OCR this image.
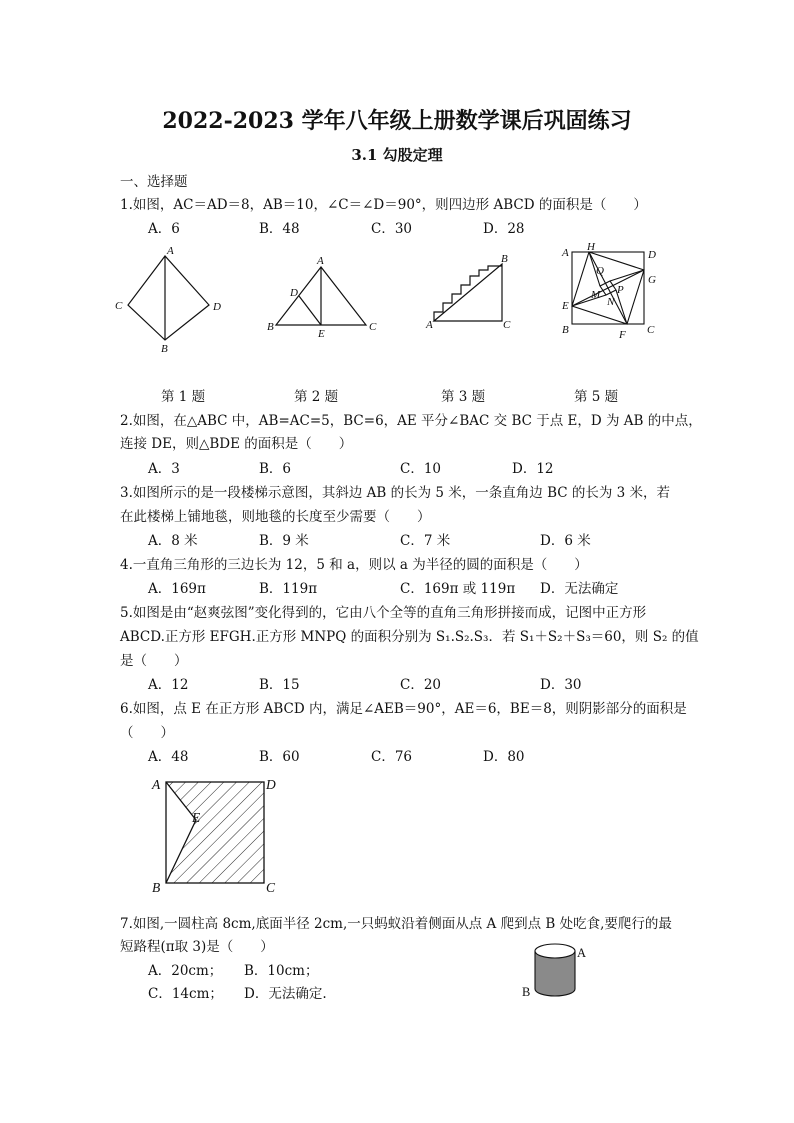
2022-2023 学年八年级上册数学课后巩固练习
3.1 勾股定理
一、选择题
1.如图，AC＝AD＝8，AB＝10，∠C＝∠D＝90°，则四边形 ABCD 的面积是（　　）
A．6	B．48	C．30	D．28
A
B
C	D
A
B	C
D
E
A
B
C
A
B	C
D
E
F
G
H
M
N
P
Q
第 1 题	第 2 题	第 3 题	第 5 题
2.如图，在△ABC 中，AB=AC=5，BC=6，AE 平分∠BAC 交 BC 于点 E，D 为 AB 的中点，
连接 DE，则△BDE 的面积是（　　）
A．3	B．6	C．10	D．12
3.如图所示的是一段楼梯示意图，其斜边 AB 的长为 5 米，一条直角边 BC 的长为 3 米，若
在此楼梯上铺地毯，则地毯的长度至少需要（　　）
A．8 米	B．9 米	C．7 米	D．6 米
4.一直角三角形的三边长为 12，5 和 a，则以 a 为半径的圆的面积是（　　）
A．169π	B．119π	C．169π 或 119π D．无法确定
5.如图是由“赵爽弦图”变化得到的，它由八个全等的直角三角形拼接而成，记图中正方形
ABCD.正方形 EFGH.正方形 MNPQ 的面积分别为 S₁.S₂.S₃．若 S₁＋S₂＋S₃＝60，则 S₂ 的值
是（　　）
A．12	B．15	C．20	D．30
6.如图，点 E 在正方形 ABCD 内，满足∠AEB＝90°，AE＝6，BE＝8，则阴影部分的面积是
（　　）
A．48	B．60	C．76	D．80
A
B	C
D
E
7.如图,一圆柱高 8cm,底面半径 2cm,一只蚂蚁沿着侧面从点 A 爬到点 B 处吃食,要爬行的最
短路程(π取 3)是（　　）
A．20cm； B．10cm；
C．14cm； D．无法确定.
A
B
